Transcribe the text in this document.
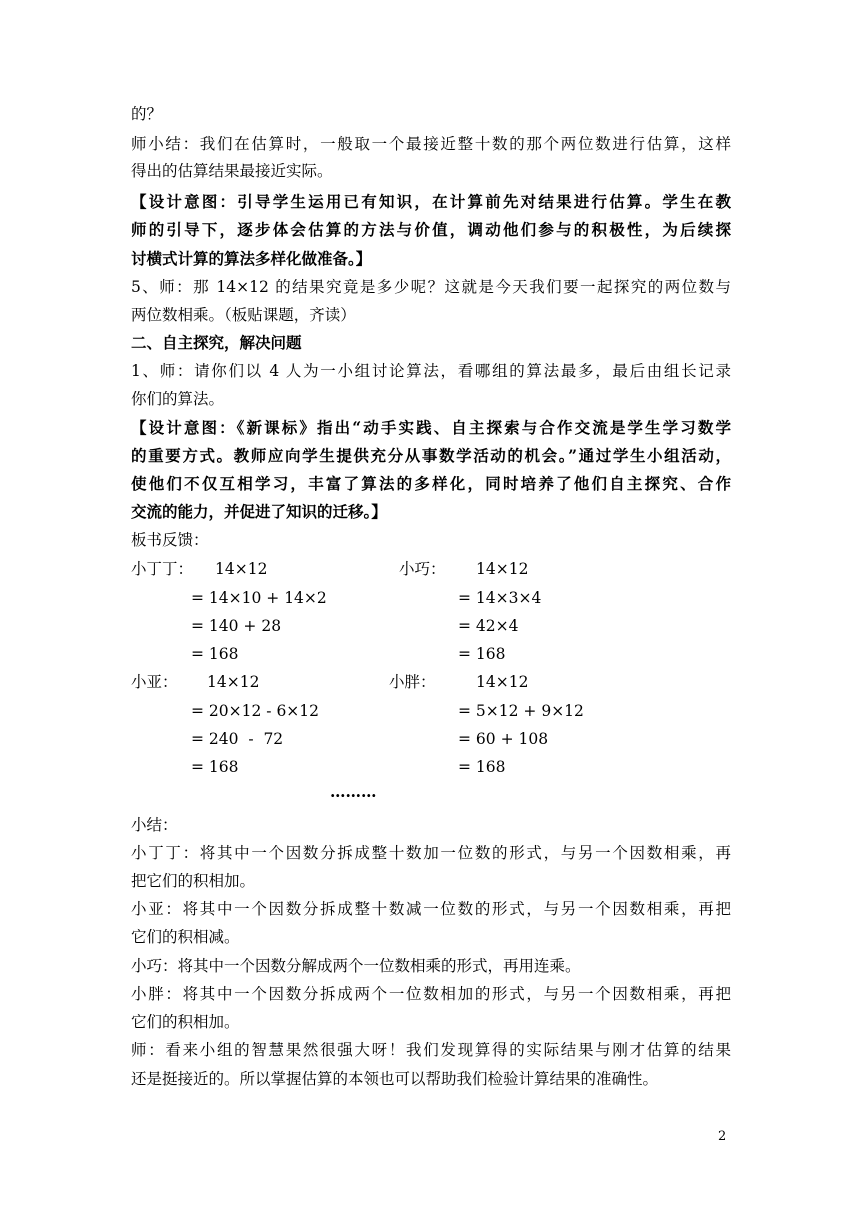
的？
师小结：我们在估算时，一般取一个最接近整十数的那个两位数进行估算，这样
得出的估算结果最接近实际。
【设计意图：引导学生运用已有知识，在计算前先对结果进行估算。学生在教
师的引导下，逐步体会估算的方法与价值，调动他们参与的积极性，为后续探
讨横式计算的算法多样化做准备。】
5、师：那 14×12 的结果究竟是多少呢？这就是今天我们要一起探究的两位数与
两位数相乘。（板贴课题，齐读）
二、自主探究，解决问题
1、师：请你们以 4 人为一小组讨论算法，看哪组的算法最多，最后由组长记录
你们的算法。
【设计意图：《新课标》指出“动手实践、自主探索与合作交流是学生学习数学
的重要方式。教师应向学生提供充分从事数学活动的机会。”通过学生小组活动，
使他们不仅互相学习，丰富了算法的多样化，同时培养了他们自主探究、合作
交流的能力，并促进了知识的迁移。】
板书反馈：
小丁丁： 14×12
= 14×10 + 14×2
= 140 + 28
= 168
小巧： 14×12
= 14×3×4
= 42×4
= 168
小亚： 14×12
= 20×12 - 6×12
= 240  -  72
= 168
小胖：	14×12
= 5×12 + 9×12
= 60 + 108
= 168
………
小结：
小丁丁：将其中一个因数分拆成整十数加一位数的形式，与另一个因数相乘，再
把它们的积相加。
小亚：将其中一个因数分拆成整十数减一位数的形式，与另一个因数相乘，再把
它们的积相减。
小巧：将其中一个因数分解成两个一位数相乘的形式，再用连乘。
小胖：将其中一个因数分拆成两个一位数相加的形式，与另一个因数相乘，再把
它们的积相加。
师：看来小组的智慧果然很强大呀！我们发现算得的实际结果与刚才估算的结果
还是挺接近的。所以掌握估算的本领也可以帮助我们检验计算结果的准确性。
2
